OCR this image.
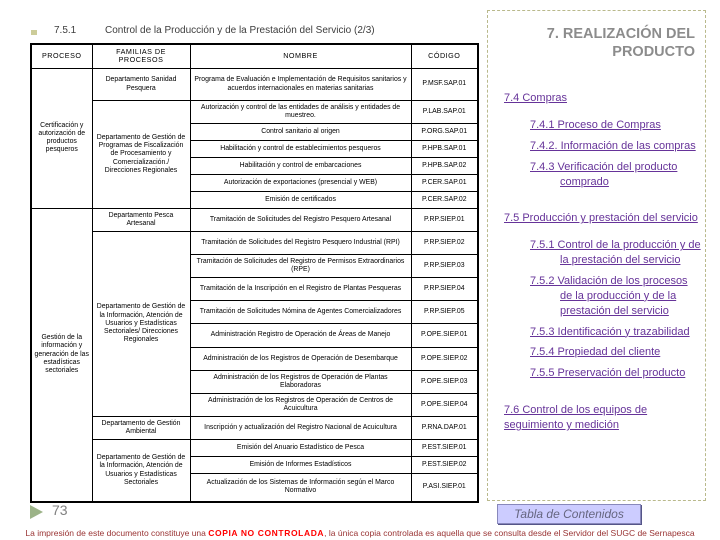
7.5.1	Control de la Producción y de la Prestación del Servicio (2/3)
PROCESO	FAMILIAS DE PROCESOS	NOMBRE	CÓDIGO
Certificación y autorización de productos pesqueros	Departamento Sanidad Pesquera	Programa de Evaluación e Implementación de Requisitos sanitarios y acuerdos internacionales en materias sanitarias	P.MSF.SAP.01
	Departamento de Gestión de Programas de Fiscalización de Procesamiento y Comercialización./ Direcciones Regionales	Autorización y control de las entidades de análisis y entidades de muestreo.	P.LAB.SAP.01
		Control sanitario al origen	P.ORG.SAP.01
		Habilitación y control de establecimientos pesqueros	P.HPB.SAP.01
		Habilitación y control de embarcaciones	P.HPB.SAP.02
		Autorización de exportaciones (presencial y WEB)	P.CER.SAP.01
		Emisión de certificados	P.CER.SAP.02
Gestión de la información y generación de las estadísticas sectoriales	Departamento Pesca Artesanal	Tramitación de Solicitudes del Registro Pesquero Artesanal	P.RP.SIEP.01
	Departamento de Gestión de la Información, Atención de Usuarios y Estadísticas Sectoriales/ Direcciones Regionales	Tramitación de Solicitudes del Registro Pesquero Industrial (RPI)	P.RP.SIEP.02
		Tramitación de Solicitudes del Registro de Permisos Extraordinarios (RPE)	P.RP.SIEP.03
		Tramitación de la Inscripción en el Registro de Plantas Pesqueras	P.RP.SIEP.04
		Tramitación de Solicitudes Nómina de Agentes Comercializadores	P.RP.SIEP.05
		Administración Registro de Operación de Áreas de Manejo	P.OPE.SIEP.01
		Administración de los Registros de Operación de Desembarque	P.OPE.SIEP.02
		Administración de los Registros de Operación de Plantas Elaboradoras	P.OPE.SIEP.03
		Administración de los Registros de Operación de Centros de Acuicultura	P.OPE.SIEP.04
	Departamento de Gestión Ambiental	Inscripción y actualización del Registro Nacional de Acuicultura	P.RNA.DAP.01
	Departamento de Gestión de la Información, Atención de Usuarios y Estadísticas Sectoriales	Emisión del Anuario Estadístico de Pesca	P.EST.SIEP.01
		Emisión de Informes Estadísticos	P.EST.SIEP.02
		Actualización de los Sistemas de Información según el Marco Normativo	P.ASI.SIEP.01
7. REALIZACIÓN DEL PRODUCTO
7.4 Compras
7.4.1 Proceso de Compras
7.4.2. Información de las compras
7.4.3 Verificación del producto comprado
7.5 Producción y prestación del servicio
7.5.1 Control de la producción y de la prestación del servicio
7.5.2 Validación de los procesos de la producción y de la prestación del servicio
7.5.3 Identificación y trazabilidad
7.5.4 Propiedad del cliente
7.5.5 Preservación del producto
7.6 Control de los equipos de seguimiento y medición
Tabla de Contenidos
73
La impresión de este documento constituye una COPIA NO CONTROLADA, la única copia controlada es aquella que se consulta desde el Servidor del SUGC de Sernapesca
